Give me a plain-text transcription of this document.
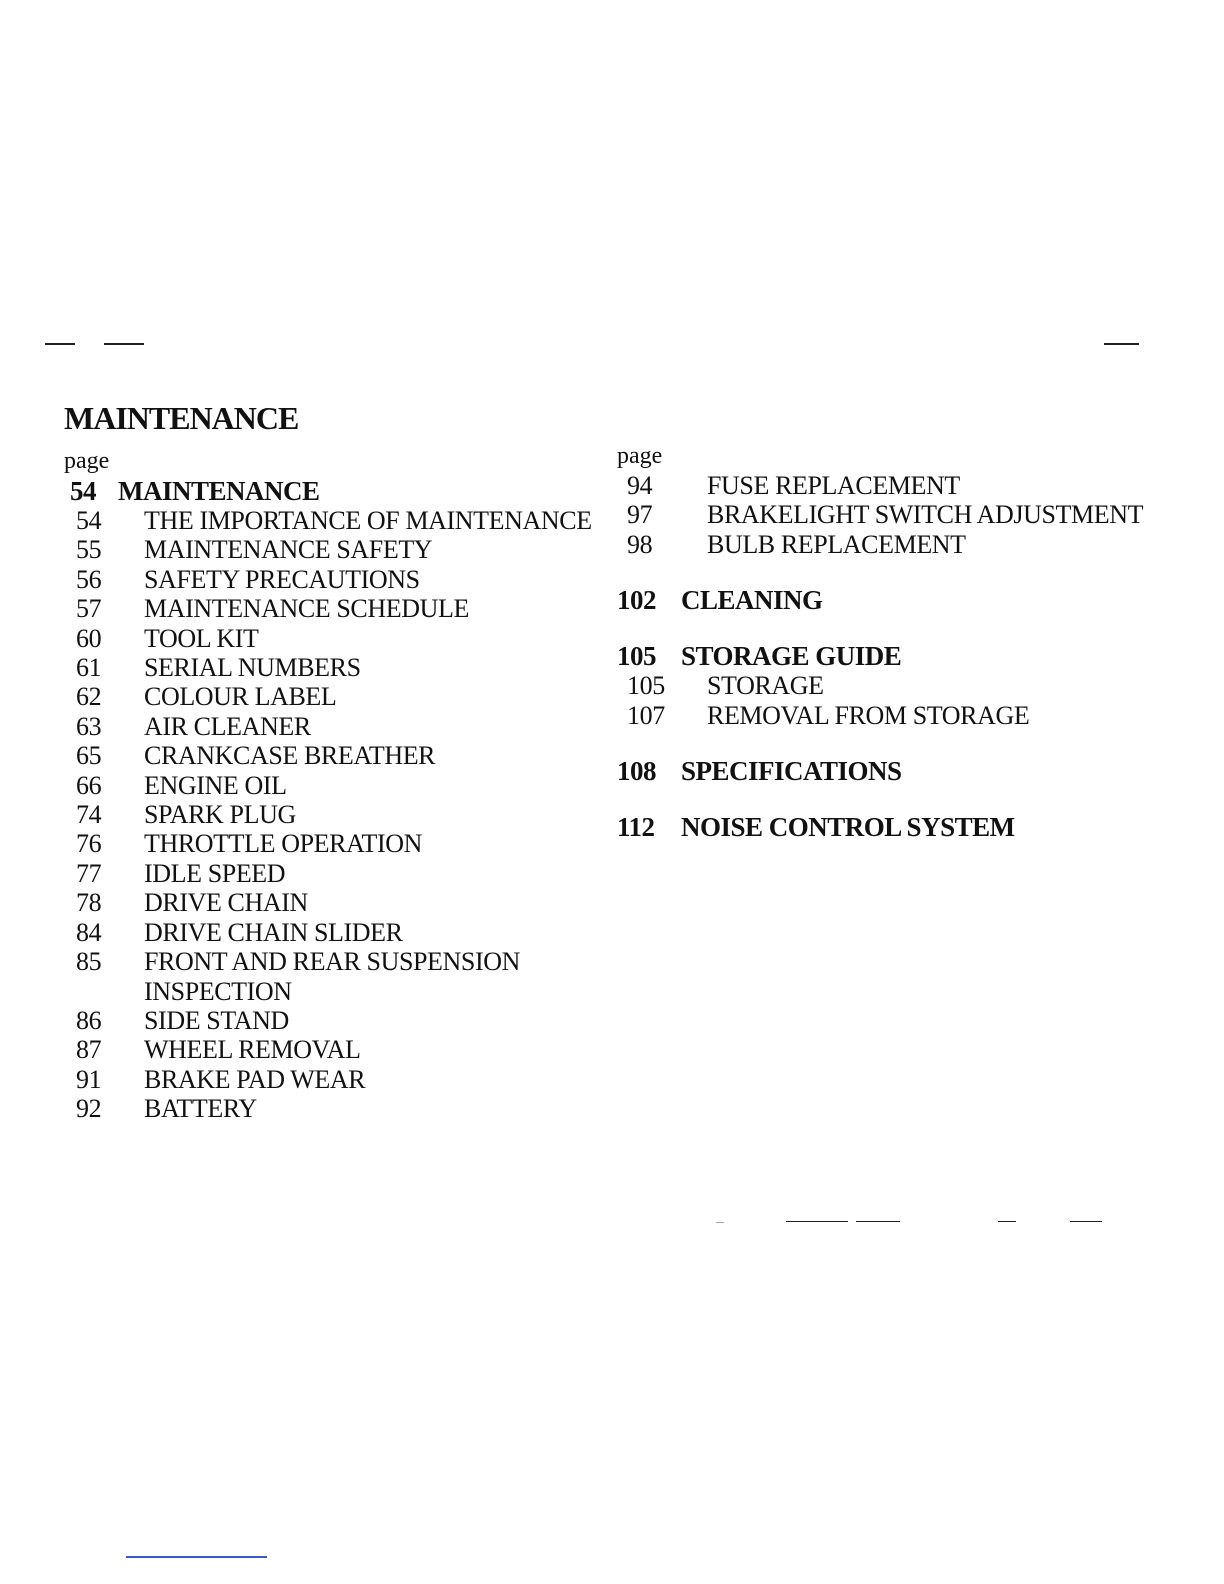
MAINTENANCE
page
54 MAINTENANCE
54	THE IMPORTANCE OF MAINTENANCE
55	MAINTENANCE SAFETY
56	SAFETY PRECAUTIONS
57	MAINTENANCE SCHEDULE
60	TOOL KIT
61	SERIAL NUMBERS
62	COLOUR LABEL
63	AIR CLEANER
65	CRANKCASE BREATHER
66	ENGINE OIL
74	SPARK PLUG
76	THROTTLE OPERATION
77	IDLE SPEED
78	DRIVE CHAIN
84	DRIVE CHAIN SLIDER
85	FRONT AND REAR SUSPENSION INSPECTION
86	SIDE STAND
87	WHEEL REMOVAL
91	BRAKE PAD WEAR
92	BATTERY
page
94	FUSE REPLACEMENT
97	BRAKELIGHT SWITCH ADJUSTMENT
98	BULB REPLACEMENT
102 CLEANING
105 STORAGE GUIDE
105	STORAGE
107	REMOVAL FROM STORAGE
108 SPECIFICATIONS
112 NOISE CONTROL SYSTEM
